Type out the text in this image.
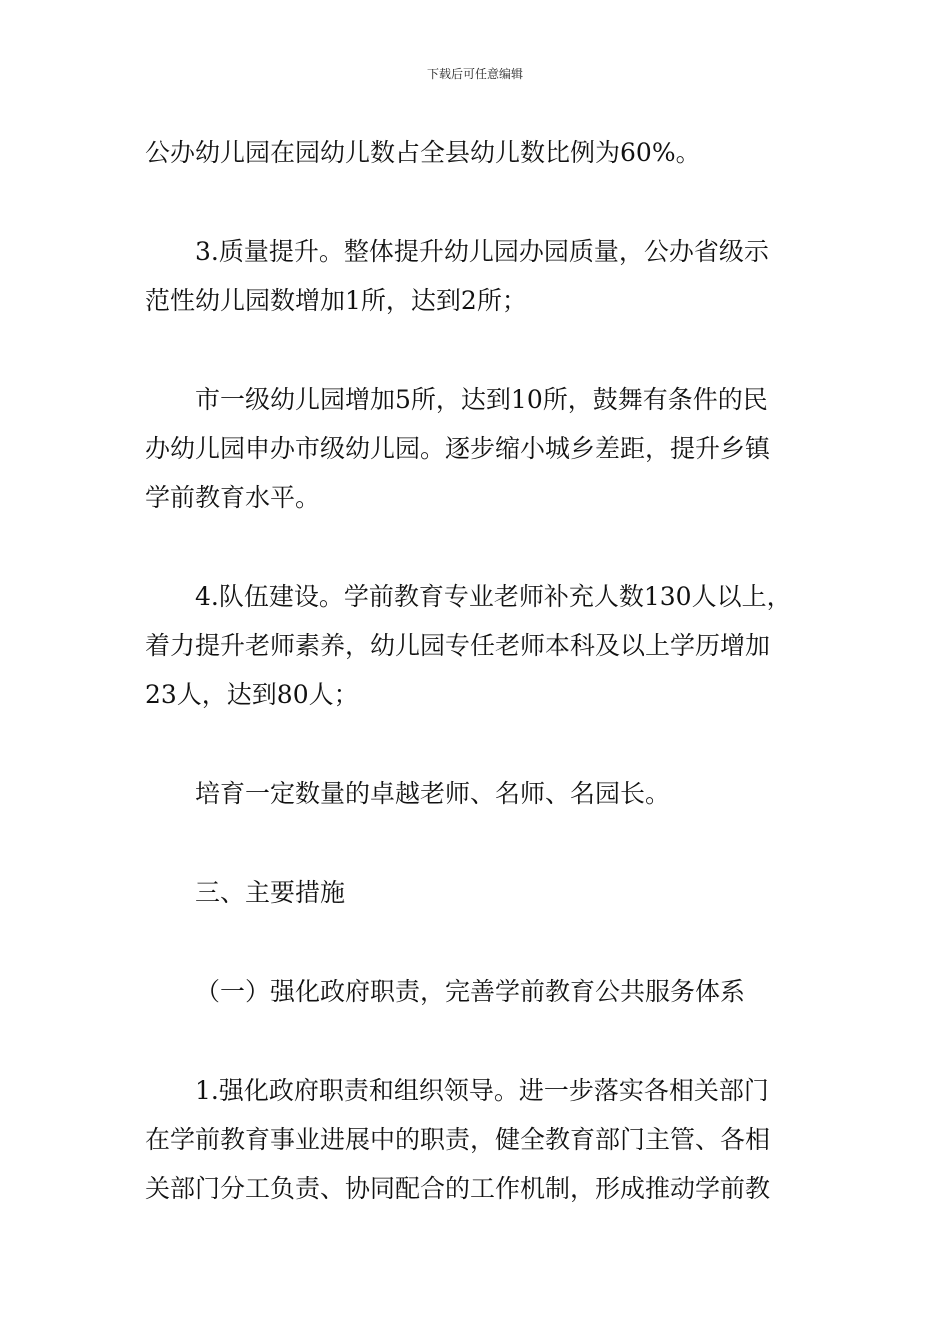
下载后可任意编辑

公办幼儿园在园幼儿数占全县幼儿数比例为60%。

3.质量提升。整体提升幼儿园办园质量，公办省级示
范性幼儿园数增加1所，达到2所；

市一级幼儿园增加5所，达到10所，鼓舞有条件的民
办幼儿园申办市级幼儿园。逐步缩小城乡差距，提升乡镇
学前教育水平。

4.队伍建设。学前教育专业老师补充人数130人以上，
着力提升老师素养，幼儿园专任老师本科及以上学历增加
23人，达到80人；

培育一定数量的卓越老师、名师、名园长。

三、主要措施

（一）强化政府职责，完善学前教育公共服务体系

1.强化政府职责和组织领导。进一步落实各相关部门
在学前教育事业进展中的职责，健全教育部门主管、各相
关部门分工负责、协同配合的工作机制，形成推动学前教
